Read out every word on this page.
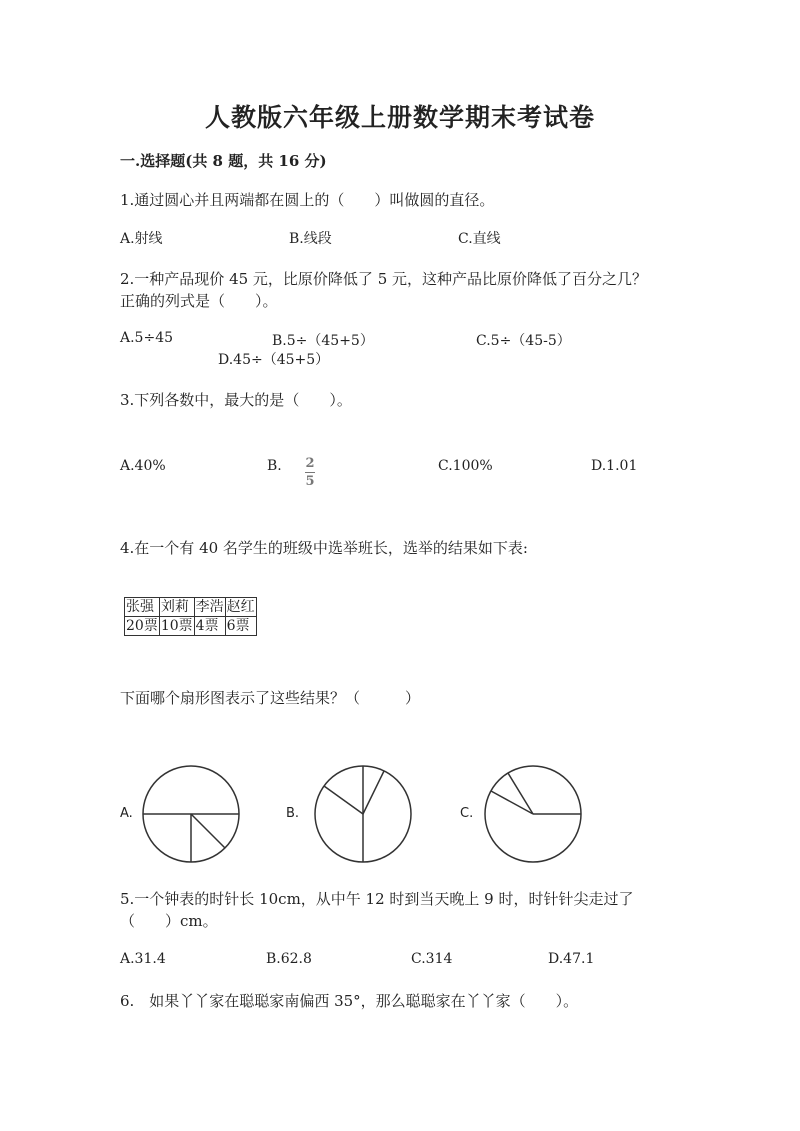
人教版六年级上册数学期末考试卷
一.选择题(共 8 题，共 16 分)
1.通过圆心并且两端都在圆上的（　　）叫做圆的直径。
A.射线	B.线段	C.直线
2.一种产品现价 45 元，比原价降低了 5 元，这种产品比原价降低了百分之几？
正确的列式是（　　）。
A.5÷45	B.5÷（45+5）	C.5÷（45-5）
D.45÷（45+5）
3.下列各数中，最大的是（　　）。
A.40%	B. $\frac{2}{5}$	C.100%	D.1.01
4.在一个有 40 名学生的班级中选举班长，选举的结果如下表:
张强	刘莉	李浩	赵红
20票	10票	4票	6票
下面哪个扇形图表示了这些结果？（　　　）
A.	B.	C.
5.一个钟表的时针长 10cm，从中午 12 时到当天晚上 9 时，时针针尖走过了
（　　）cm。
A.31.4	B.62.8	C.314	D.47.1
6.　如果丫丫家在聪聪家南偏西 35°，那么聪聪家在丫丫家（　　）。
